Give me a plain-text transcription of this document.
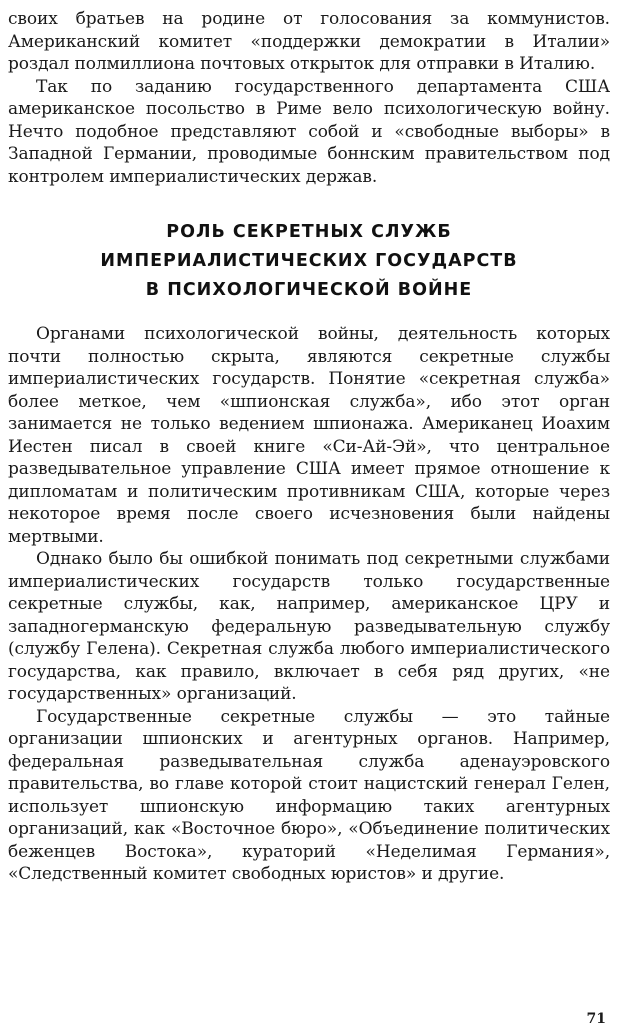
своих братьев на родине от голосования за коммунистов. Американский комитет «поддержки демократии в Италии» роздал полмиллиона почтовых открыток для отправки в Италию.

Так по заданию государственного департамента США американское посольство в Риме вело психологическую войну. Нечто подобное представляют собой и «свободные выборы» в Западной Германии, проводимые боннским правительством под контролем империалистических держав.

РОЛЬ СЕКРЕТНЫХ СЛУЖБ
ИМПЕРИАЛИСТИЧЕСКИХ ГОСУДАРСТВ
В ПСИХОЛОГИЧЕСКОЙ ВОЙНЕ

Органами психологической войны, деятельность которых почти полностью скрыта, являются секретные службы империалистических государств. Понятие «секретная служба» более меткое, чем «шпионская служба», ибо этот орган занимается не только ведением шпионажа. Американец Иоахим Иестен писал в своей книге «Си-Ай-Эй», что центральное разведывательное управление США имеет прямое отношение к дипломатам и политическим противникам США, которые через некоторое время после своего исчезновения были найдены мертвыми.

Однако было бы ошибкой понимать под секретными службами империалистических государств только государственные секретные службы, как, например, американское ЦРУ и западногерманскую федеральную разведывательную службу (службу Гелена). Секретная служба любого империалистического государства, как правило, включает в себя ряд других, «не государственных» организаций.

Государственные секретные службы — это тайные организации шпионских и агентурных органов. Например, федеральная разведывательная служба аденауэровского правительства, во главе которой стоит нацистский генерал Гелен, использует шпионскую информацию таких агентурных организаций, как «Восточное бюро», «Объединение политических беженцев Востока», кураторий «Неделимая Германия», «Следственный комитет свободных юристов» и другие.

71
